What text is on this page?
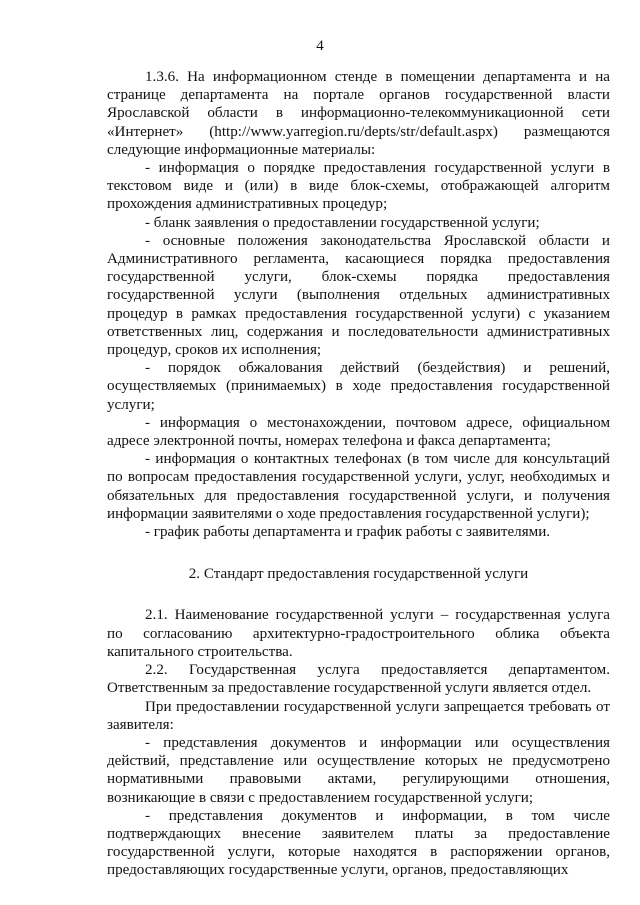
4

1.3.6. На информационном стенде в помещении департамента и на странице департамента на портале органов государственной власти Ярославской области в информационно-телекоммуникационной сети «Интернет» (http://www.yarregion.ru/depts/str/default.aspx) размещаются следующие информационные материалы:

- информация о порядке предоставления государственной услуги в текстовом виде и (или) в виде блок-схемы, отображающей алгоритм прохождения административных процедур;

- бланк заявления о предоставлении государственной услуги;

- основные положения законодательства Ярославской области и Административного регламента, касающиеся порядка предоставления государственной услуги, блок-схемы порядка предоставления государственной услуги (выполнения отдельных административных процедур в рамках предоставления государственной услуги) с указанием ответственных лиц, содержания и последовательности административных процедур, сроков их исполнения;

- порядок обжалования действий (бездействия) и решений, осуществляемых (принимаемых) в ходе предоставления государственной услуги;

- информация о местонахождении, почтовом адресе, официальном адресе электронной почты, номерах телефона и факса департамента;

- информация о контактных телефонах (в том числе для консультаций по вопросам предоставления государственной услуги, услуг, необходимых и обязательных для предоставления государственной услуги, и получения информации заявителями о ходе предоставления государственной услуги);

- график работы департамента и график работы с заявителями.

2. Стандарт предоставления государственной услуги

2.1. Наименование государственной услуги – государственная услуга по согласованию архитектурно-градостроительного облика объекта капитального строительства.

2.2. Государственная услуга предоставляется департаментом. Ответственным за предоставление государственной услуги является отдел.

При предоставлении государственной услуги запрещается требовать от заявителя:

- представления документов и информации или осуществления действий, представление или осуществление которых не предусмотрено нормативными правовыми актами, регулирующими отношения, возникающие в связи с предоставлением государственной услуги;

- представления документов и информации, в том числе подтверждающих внесение заявителем платы за предоставление государственной услуги, которые находятся в распоряжении органов, предоставляющих государственные услуги, органов, предоставляющих
